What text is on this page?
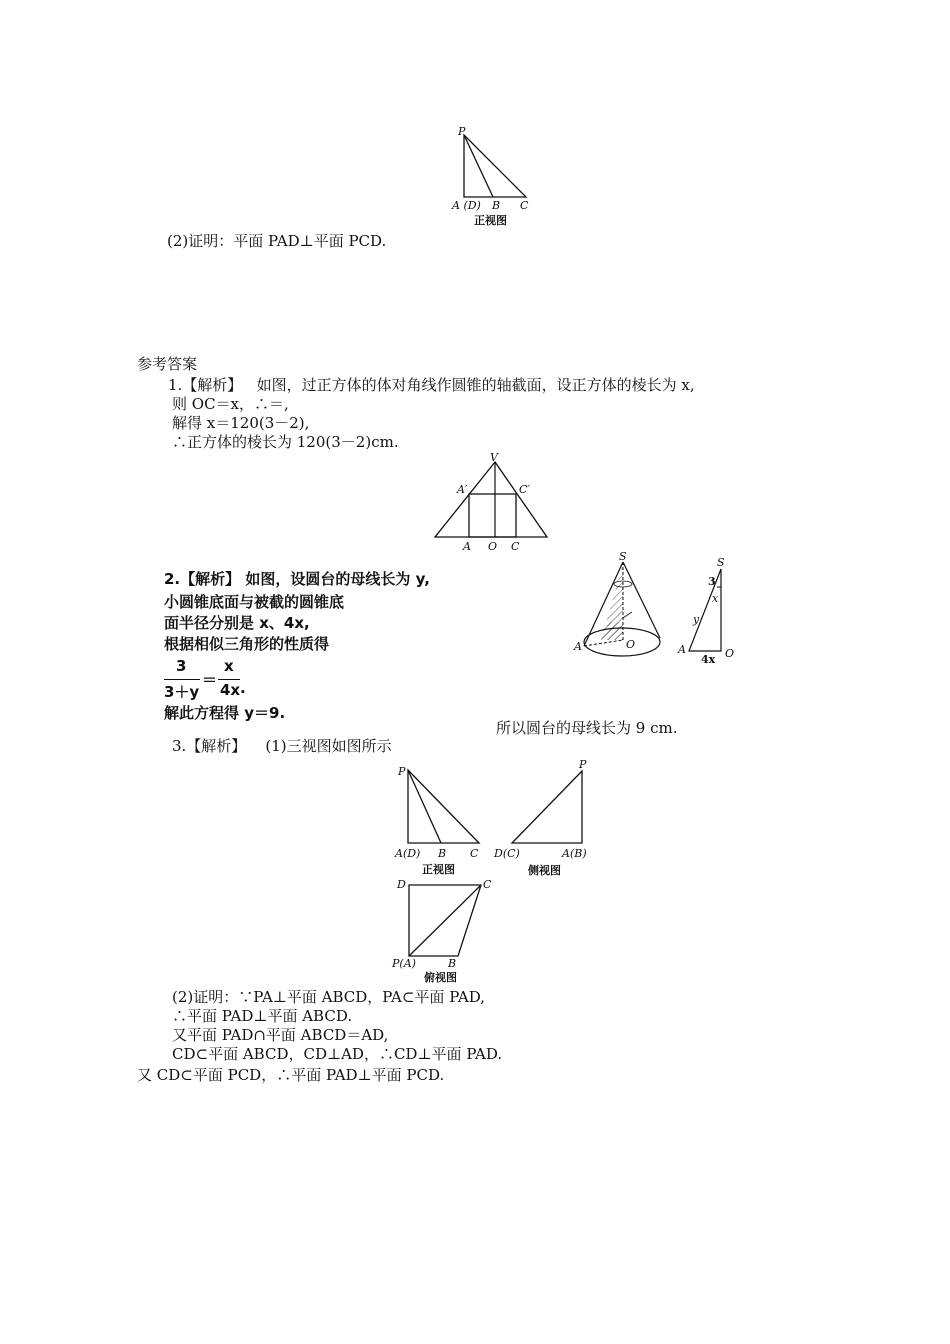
P
A (D) B C
正视图
(2)证明：平面 PAD⊥平面 PCD.
参考答案
1.【解析】 如图，过正方体的体对角线作圆锥的轴截面，设正方体的棱长为 x,
则 OC＝x，∴＝,
解得 x＝120(3－2),
∴正方体的棱长为 120(3－2)cm.
V
A′	C′
A O C
2.【解析】 如图，设圆台的母线长为 y,
小圆锥底面与被截的圆锥底
面半径分别是 x、4x,
根据相似三角形的性质得
3
3＋y
＝
x
4x .
解此方程得 y＝9.
所以圆台的母线长为 9 cm.
S
A	O
S
3
x
y
A
4x O
3.【解析】 (1)三视图如图所示
P
A(D) B C
正视图
P
D(C)	A(B)
侧视图
D	C
P(A)	B
俯视图
(2)证明：∵PA⊥平面 ABCD，PA⊂平面 PAD,
∴平面 PAD⊥平面 ABCD.
又平面 PAD∩平面 ABCD＝AD,
CD⊂平面 ABCD，CD⊥AD，∴CD⊥平面 PAD.
又 CD⊂平面 PCD，∴平面 PAD⊥平面 PCD.
